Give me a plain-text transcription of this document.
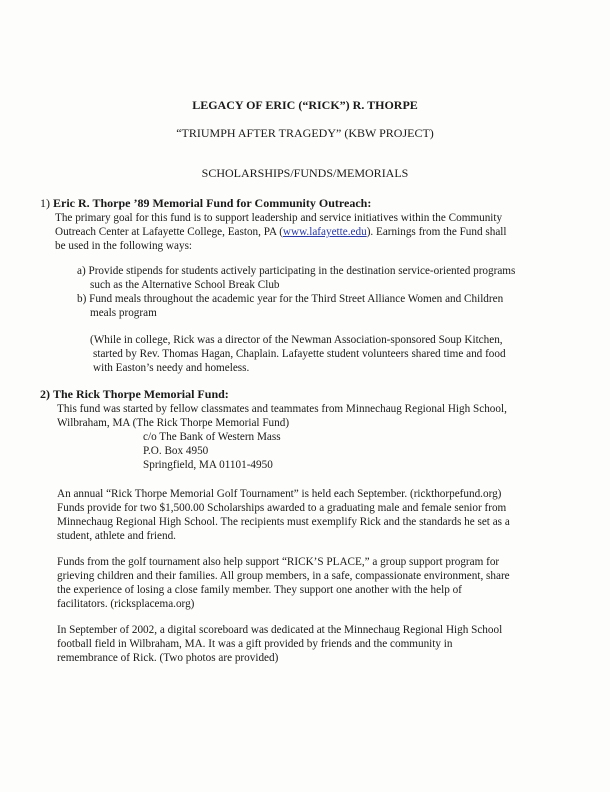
LEGACY OF ERIC (“RICK”) R. THORPE
“TRIUMPH AFTER TRAGEDY” (KBW PROJECT)
SCHOLARSHIPS/FUNDS/MEMORIALS
1) Eric R. Thorpe ’89 Memorial Fund for Community Outreach:
The primary goal for this fund is to support leadership and service initiatives within the Community
Outreach Center at Lafayette College, Easton, PA (www.lafayette.edu). Earnings from the Fund shall
be used in the following ways:
a) Provide stipends for students actively participating in the destination service-oriented programs
such as the Alternative School Break Club
b) Fund meals throughout the academic year for the Third Street Alliance Women and Children
meals program
(While in college, Rick was a director of the Newman Association-sponsored Soup Kitchen,
started by Rev. Thomas Hagan, Chaplain. Lafayette student volunteers shared time and food
with Easton’s needy and homeless.
2) The Rick Thorpe Memorial Fund:
This fund was started by fellow classmates and teammates from Minnechaug Regional High School,
Wilbraham, MA (The Rick Thorpe Memorial Fund)
c/o The Bank of Western Mass
P.O. Box 4950
Springfield, MA 01101-4950
An annual “Rick Thorpe Memorial Golf Tournament” is held each September. (rickthorpefund.org)
Funds provide for two $1,500.00 Scholarships awarded to a graduating male and female senior from
Minnechaug Regional High School. The recipients must exemplify Rick and the standards he set as a
student, athlete and friend.
Funds from the golf tournament also help support “RICK’S PLACE,” a group support program for
grieving children and their families. All group members, in a safe, compassionate environment, share
the experience of losing a close family member. They support one another with the help of
facilitators. (ricksplacema.org)
In September of 2002, a digital scoreboard was dedicated at the Minnechaug Regional High School
football field in Wilbraham, MA. It was a gift provided by friends and the community in
remembrance of Rick. (Two photos are provided)
